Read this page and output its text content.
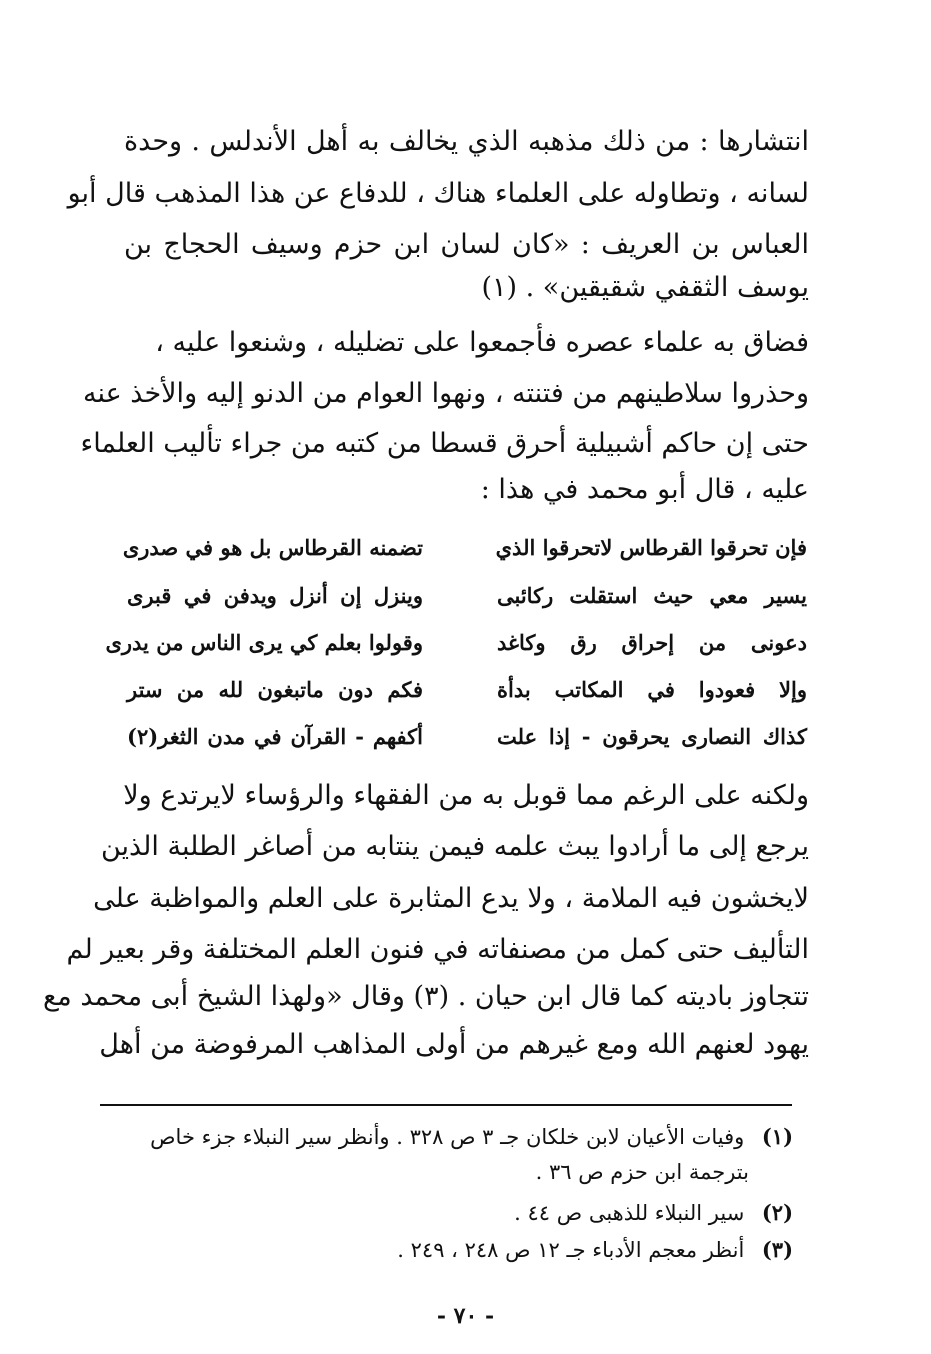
انتشارها : من ذلك مذهبه الذي يخالف به أهل الأندلس . وحدة
لسانه ، وتطاوله على العلماء هناك ، للدفاع عن هذا المذهب قال أبو
العباس بن العريف : «كان لسان ابن حزم وسيف الحجاج بن
يوسف الثقفي شقيقين» . (١)
فضاق به علماء عصره فأجمعوا على تضليله ، وشنعوا عليه ،
وحذروا سلاطينهم من فتنته ، ونهوا العوام من الدنو إليه والأخذ عنه
حتى إن حاكم أشبيلية أحرق قسطا من كتبه من جراء تأليب العلماء
عليه ، قال أبو محمد في هذا :
فإن تحرقوا القرطاس لاتحرقوا الذي
تضمنه القرطاس بل هو في صدرى
يسير معي حيث استقلت ركائبى
وينزل إن أنزل ويدفن في قبرى
دعونى من إحراق رق وكاغد
وقولوا بعلم كي يرى الناس من يدرى
وإلا فعودوا في المكاتب بدأة
فكم دون ماتبغون لله من ستر
كذاك النصارى يحرقون - إذا علت
أكفهم - القرآن في مدن الثغر(٢)
ولكنه على الرغم مما قوبل به من الفقهاء والرؤساء لايرتدع ولا
يرجع إلى ما أرادوا يبث علمه فيمن ينتابه من أصاغر الطلبة الذين
لايخشون فيه الملامة ، ولا يدع المثابرة على العلم والمواظبة على
التأليف حتى كمل من مصنفاته في فنون العلم المختلفة وقر بعير لم
تتجاوز باديته كما قال ابن حيان . (٣) وقال «ولهذا الشيخ أبى محمد مع
يهود لعنهم الله ومع غيرهم من أولى المذاهب المرفوضة من أهل
(١) وفيات الأعيان لابن خلكان جـ ٣ ص ٣٢٨ . وأنظر سير النبلاء جزء خاص
بترجمة ابن حزم ص ٣٦ .
(٢) سير النبلاء للذهبى ص ٤٤ .
(٣) أنظر معجم الأدباء جـ ١٢ ص ٢٤٨ ، ٢٤٩ .
- ٧٠ -
